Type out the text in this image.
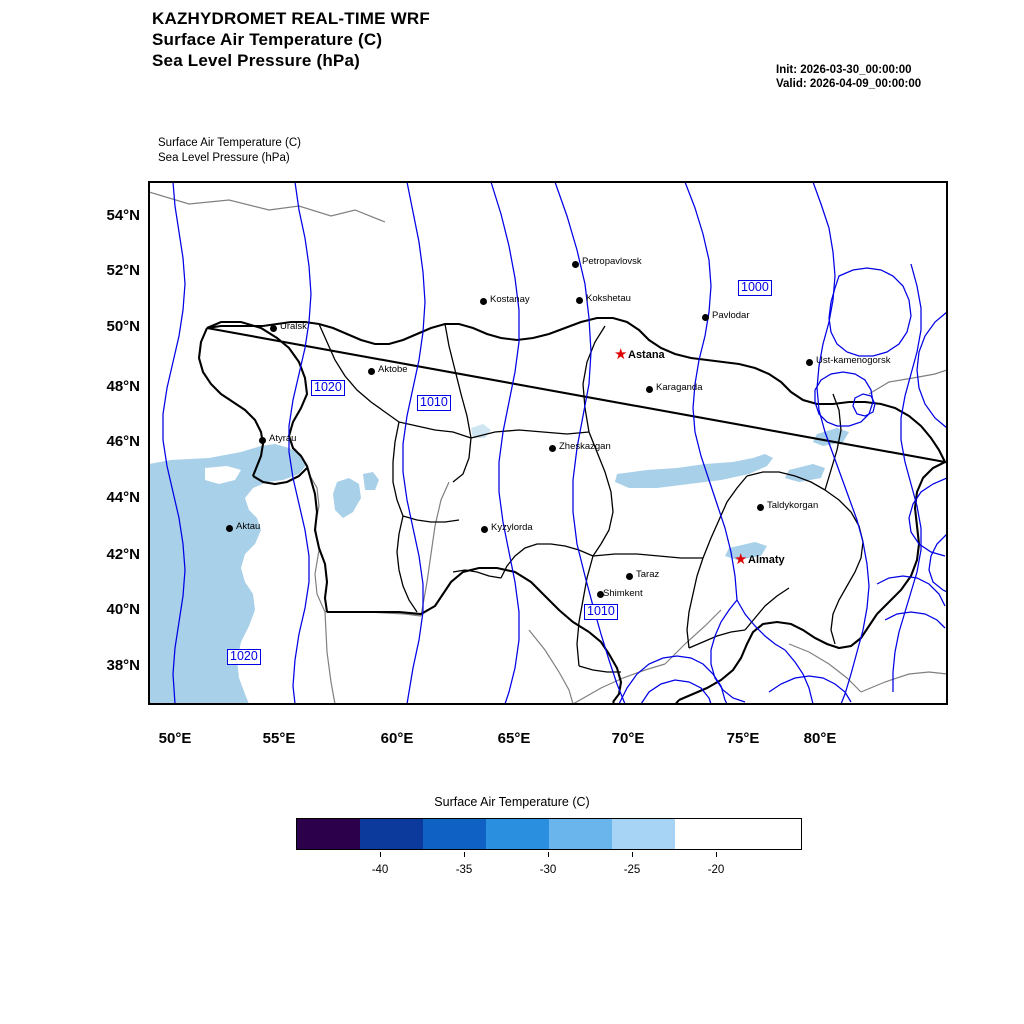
KAZHYDROMET REAL-TIME WRF
Surface Air Temperature (C)
Sea Level Pressure (hPa)	Init: 2026-03-30_00:00:00
Valid: 2026-04-09_00:00:00
Surface Air Temperature (C)
Sea Level Pressure (hPa)
54°N
52°N
50°N
48°N
46°N
44°N
42°N
40°N
38°N
50°E	55°E	60°E	65°E	70°E	75°E	80°E
Petropavlovsk
Kostanay	Kokshetau
Pavlodar
Uralsk
Ust-kamenogorsk
Aktobe
Karaganda
Atyrau
Zheskazgan
Taldykorgan
Aktau	Kyzylorda
Taraz
Shimkent
★ Astana
★ Almaty
1000
1020
1010
1010
1020
Surface Air Temperature (C)
-40	-35	-30	-25	-20
